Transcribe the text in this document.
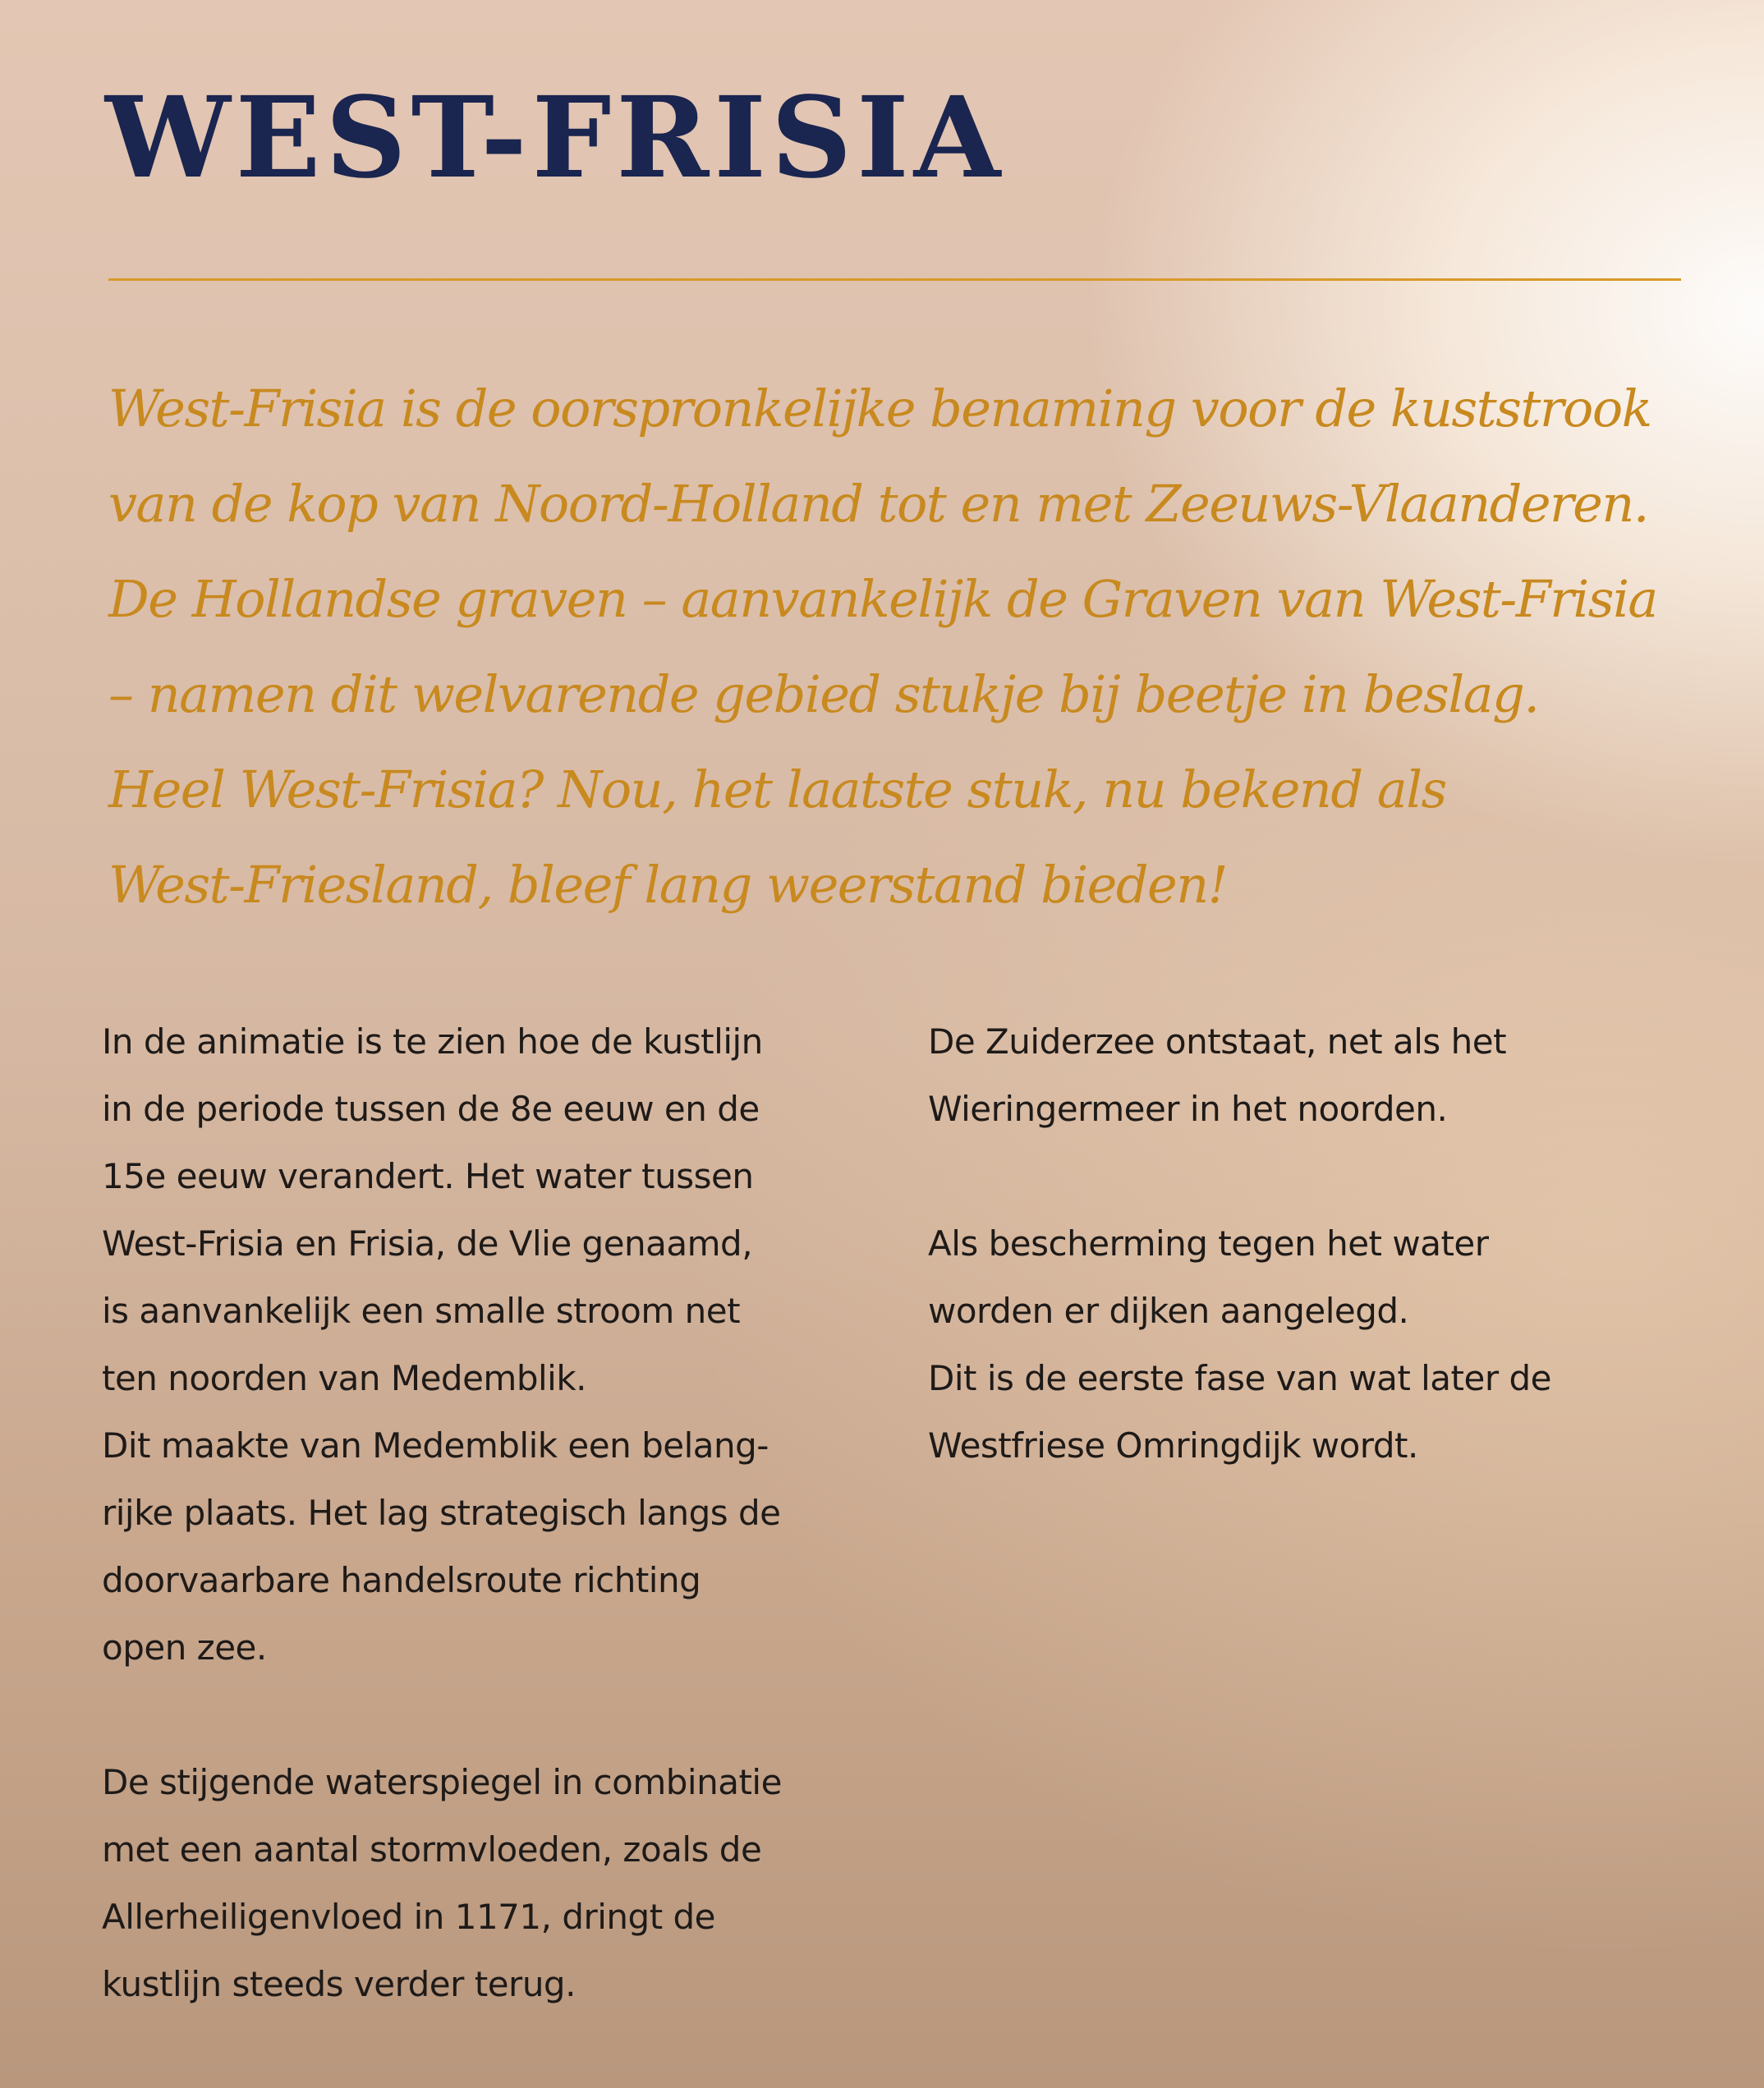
WEST-FRISIA
West-Frisia is de oorspronkelijke benaming voor de kuststrook
van de kop van Noord-Holland tot en met Zeeuws-Vlaanderen.
De Hollandse graven – aanvankelijk de Graven van West-Frisia
– namen dit welvarende gebied stukje bij beetje in beslag.
Heel West-Frisia? Nou, het laatste stuk, nu bekend als
West-Friesland, bleef lang weerstand bieden!
In de animatie is te zien hoe de kustlijn
in de periode tussen de 8e eeuw en de
15e eeuw verandert. Het water tussen
West-Frisia en Frisia, de Vlie genaamd,
is aanvankelijk een smalle stroom net
ten noorden van Medemblik.
Dit maakte van Medemblik een belang-
rijke plaats. Het lag strategisch langs de
doorvaarbare handelsroute richting
open zee.
De stijgende waterspiegel in combinatie
met een aantal stormvloeden, zoals de
Allerheiligenvloed in 1171, dringt de
kustlijn steeds verder terug.
De Zuiderzee ontstaat, net als het
Wieringermeer in het noorden.
Als bescherming tegen het water
worden er dijken aangelegd.
Dit is de eerste fase van wat later de
Westfriese Omringdijk wordt.
